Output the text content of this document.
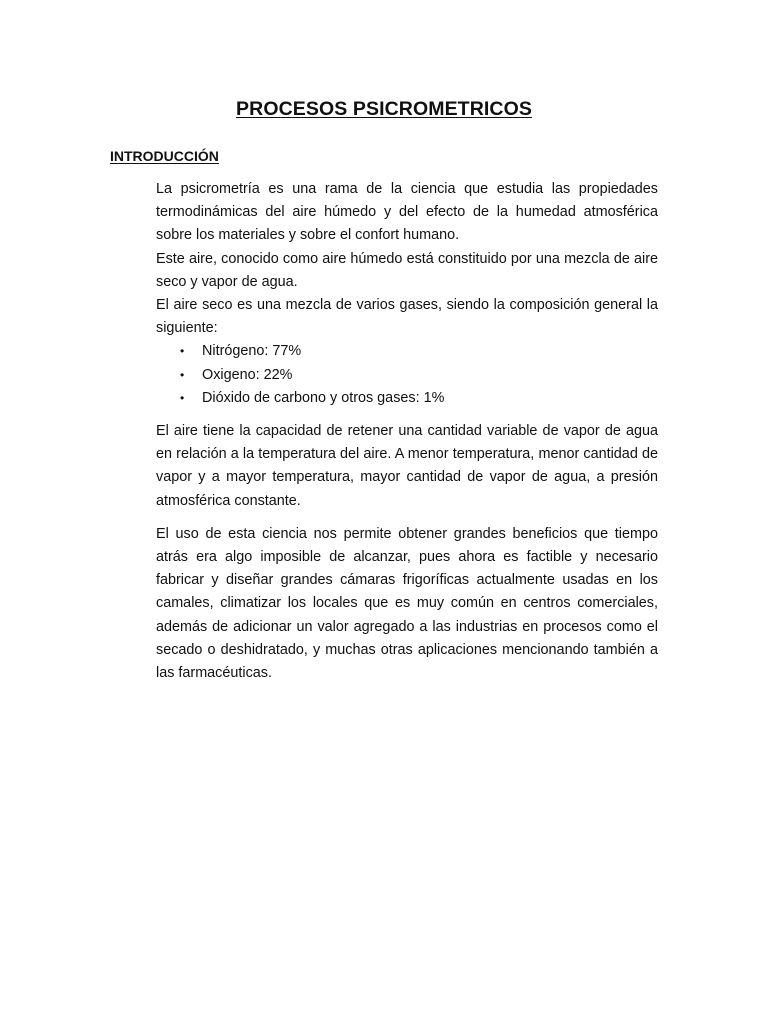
PROCESOS PSICROMETRICOS
INTRODUCCIÓN

La psicrometría es una rama de la ciencia que estudia las propiedades termodinámicas del aire húmedo y del efecto de la humedad atmosférica sobre los materiales y sobre el confort humano.

Este aire, conocido como aire húmedo está constituido por una mezcla de aire seco y vapor de agua.

El aire seco es una mezcla de varios gases, siendo la composición general la siguiente:

• Nitrógeno: 77%
• Oxigeno: 22%
• Dióxido de carbono y otros gases: 1%

El aire tiene la capacidad de retener una cantidad variable de vapor de agua en relación a la temperatura del aire. A menor temperatura, menor cantidad de vapor y a mayor temperatura, mayor cantidad de vapor de agua, a presión atmosférica constante.

El uso de esta ciencia nos permite obtener grandes beneficios que tiempo atrás era algo imposible de alcanzar, pues ahora es factible y necesario fabricar y diseñar grandes cámaras frigoríficas actualmente usadas en los camales, climatizar los locales que es muy común en centros comerciales, además de adicionar un valor agregado a las industrias en procesos como el secado o deshidratado, y muchas otras aplicaciones mencionando también a las farmacéuticas.
